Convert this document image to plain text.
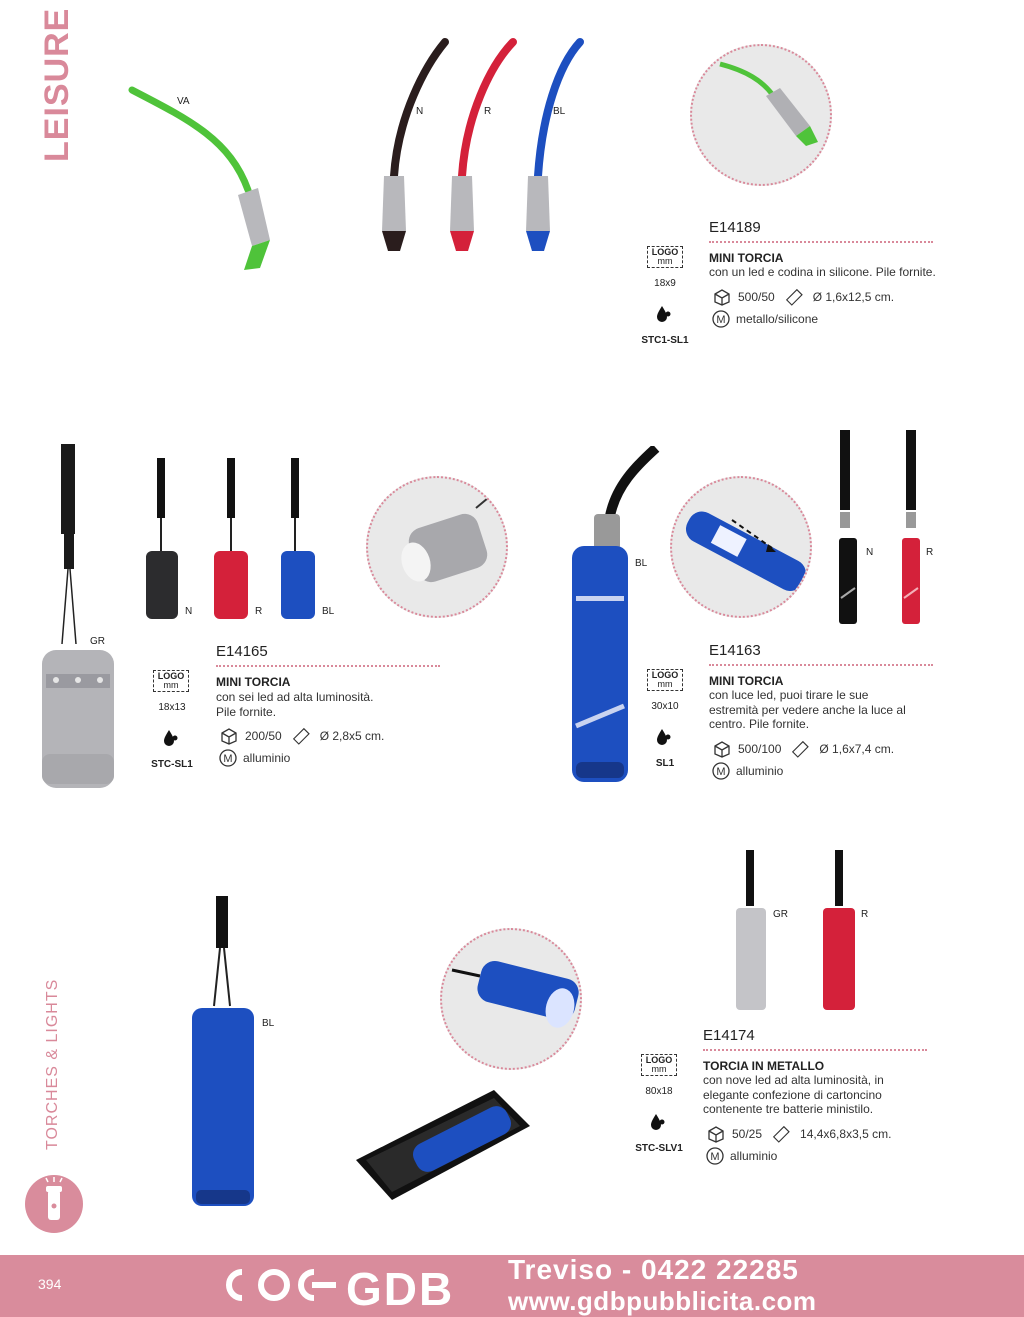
LEISURE
TORCHES & LIGHTS
VA
N	R	BL
E14189
MINI TORCIA
con un led e codina in silicone. Pile fornite.
500/50	Ø 1,6x12,5 cm.
M metallo/silicone
LOGO
mm
18x9
STC1-SL1
GR
N	R	BL
E14165
MINI TORCIA
con sei led ad alta luminosità.
Pile fornite.
200/50	Ø 2,8x5 cm.
M alluminio
LOGO
mm
18x13
STC-SL1
BL
N	R
E14163
MINI TORCIA
con luce led, puoi tirare le sue
estremità per vedere anche la luce al
centro. Pile fornite.
500/100	Ø 1,6x7,4 cm.
M alluminio
LOGO
mm
30x10
SL1
BL
GR	R
E14174
TORCIA IN METALLO
con nove led ad alta luminosità, in
elegante confezione di cartoncino
contenente tre batterie ministilo.
50/25	14,4x6,8x3,5 cm.
M alluminio
LOGO
mm
80x18
STC-SLV1
394	GDB Treviso - 0422 22285
www.gdbpubblicita.com
